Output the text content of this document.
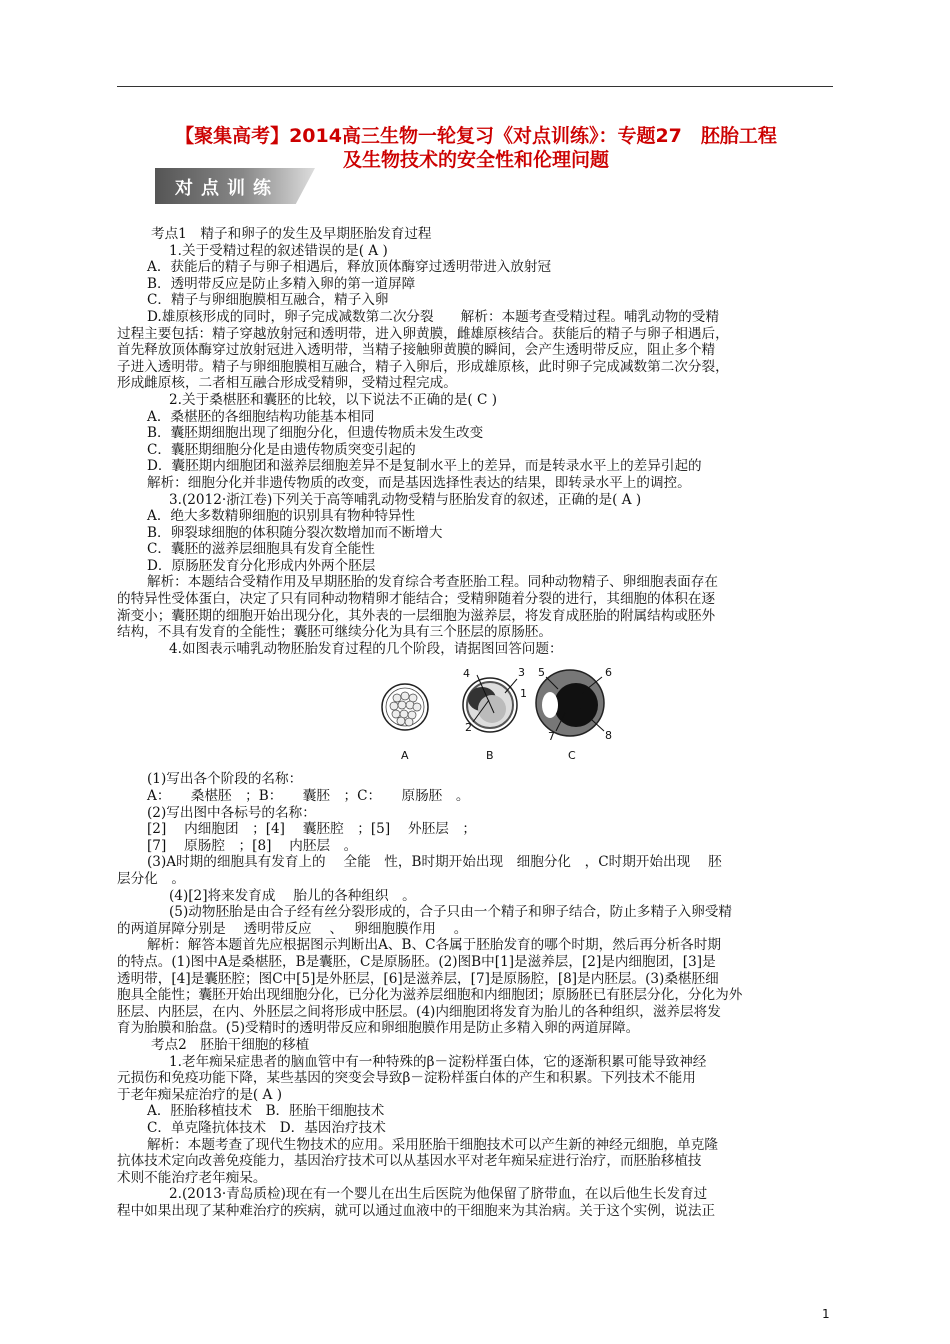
【聚集高考】2014高三生物一轮复习《对点训练》：专题27　胚胎工程
及生物技术的安全性和伦理问题
对点训练

考点1　精子和卵子的发生及早期胚胎发育过程

1.关于受精过程的叙述错误的是( A )

A．获能后的精子与卵子相遇后，释放顶体酶穿过透明带进入放射冠

B．透明带反应是防止多精入卵的第一道屏障

C．精子与卵细胞膜相互融合，精子入卵

D.雄原核形成的同时，卵子完成减数第二次分裂　　解析：本题考查受精过程。哺乳动物的受精

过程主要包括：精子穿越放射冠和透明带，进入卵黄膜，雌雄原核结合。获能后的精子与卵子相遇后，

首先释放顶体酶穿过放射冠进入透明带，当精子接触卵黄膜的瞬间，会产生透明带反应，阻止多个精

子进入透明带。精子与卵细胞膜相互融合，精子入卵后，形成雄原核，此时卵子完成减数第二次分裂，

形成雌原核，二者相互融合形成受精卵，受精过程完成。

2.关于桑椹胚和囊胚的比较，以下说法不正确的是( C )

A．桑椹胚的各细胞结构功能基本相同

B．囊胚期细胞出现了细胞分化，但遗传物质未发生改变

C．囊胚期细胞分化是由遗传物质突变引起的

D．囊胚期内细胞团和滋养层细胞差异不是复制水平上的差异，而是转录水平上的差异引起的

解析：细胞分化并非遗传物质的改变，而是基因选择性表达的结果，即转录水平上的调控。

3.(2012·浙江卷)下列关于高等哺乳动物受精与胚胎发育的叙述，正确的是( A )

A．绝大多数精卵细胞的识别具有物种特异性

B．卵裂球细胞的体积随分裂次数增加而不断增大

C．囊胚的滋养层细胞具有发育全能性

D．原肠胚发育分化形成内外两个胚层

解析：本题结合受精作用及早期胚胎的发育综合考查胚胎工程。同种动物精子、卵细胞表面存在

的特异性受体蛋白，决定了只有同种动物精卵才能结合；受精卵随着分裂的进行，其细胞的体积在逐

渐变小；囊胚期的细胞开始出现分化，其外表的一层细胞为滋养层，将发育成胚胎的附属结构或胚外

结构，不具有发育的全能性；囊胚可继续分化为具有三个胚层的原肠胚。

4.如图表示哺乳动物胚胎发育过程的几个阶段，请据图回答问题：

4	3	6
5
1
2
7	8
A	B	C

(1)写出各个阶段的名称：

A：　　桑椹胚　；B：　　囊胚　；C：　　原肠胚　。

(2)写出图中各标号的名称：

[2]　 内细胞团　；[4]　 囊胚腔　；[5]　 外胚层　；

[7]　 原肠腔　；[8]　 内胚层　。

(3)A时期的细胞具有发育上的　 全能　性，B时期开始出现　细胞分化　，C时期开始出现　 胚

层分化　。

(4)[2]将来发育成　 胎儿的各种组织　。

(5)动物胚胎是由合子经有丝分裂形成的，合子只由一个精子和卵子结合，防止多精子入卵受精

的两道屏障分别是　 透明带反应　 、　 卵细胞膜作用　 。

解析：解答本题首先应根据图示判断出A、B、C各属于胚胎发育的哪个时期，然后再分析各时期

的特点。(1)图中A是桑椹胚，B是囊胚，C是原肠胚。(2)图B中[1]是滋养层，[2]是内细胞团，[3]是

透明带，[4]是囊胚腔；图C中[5]是外胚层，[6]是滋养层，[7]是原肠腔，[8]是内胚层。(3)桑椹胚细

胞具全能性；囊胚开始出现细胞分化，已分化为滋养层细胞和内细胞团；原肠胚已有胚层分化，分化为外

胚层、内胚层，在内、外胚层之间将形成中胚层。(4)内细胞团将发育为胎儿的各种组织，滋养层将发

育为胎膜和胎盘。(5)受精时的透明带反应和卵细胞膜作用是防止多精入卵的两道屏障。

考点2　胚胎干细胞的移植

1.老年痴呆症患者的脑血管中有一种特殊的β－淀粉样蛋白体，它的逐渐积累可能导致神经

元损伤和免疫功能下降，某些基因的突变会导致β－淀粉样蛋白体的产生和积累。下列技术不能用

于老年痴呆症治疗的是( A )

A．胚胎移植技术　B．胚胎干细胞技术

C．单克隆抗体技术　D．基因治疗技术

解析：本题考查了现代生物技术的应用。采用胚胎干细胞技术可以产生新的神经元细胞，单克隆

抗体技术定向改善免疫能力，基因治疗技术可以从基因水平对老年痴呆症进行治疗，而胚胎移植技

术则不能治疗老年痴呆。

2.(2013·青岛质检)现在有一个婴儿在出生后医院为他保留了脐带血，在以后他生长发育过

程中如果出现了某种难治疗的疾病，就可以通过血液中的干细胞来为其治病。关于这个实例，说法正

1
